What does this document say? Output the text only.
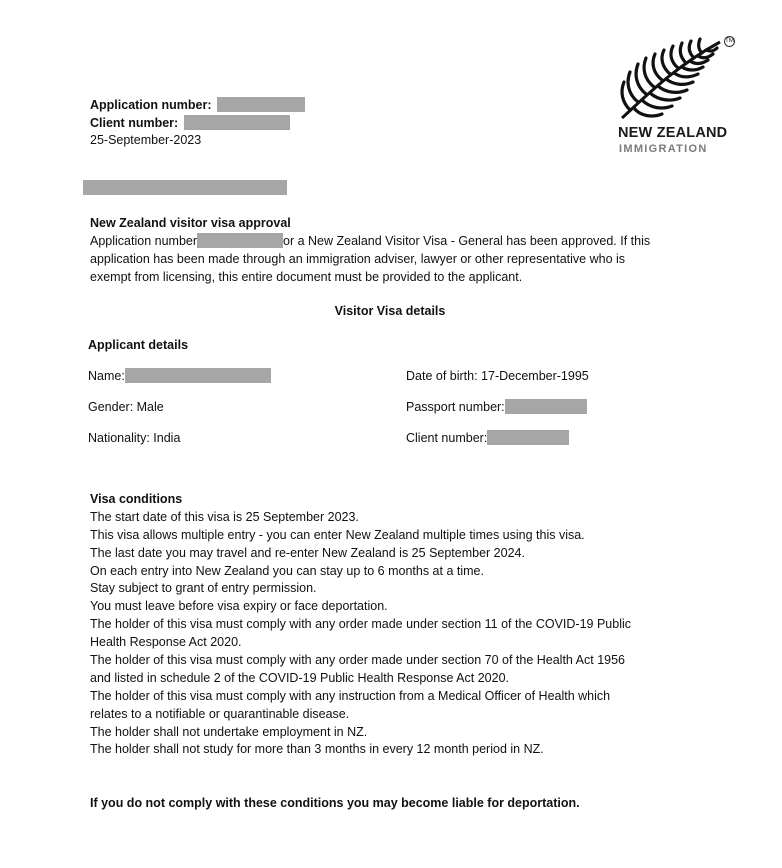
TM
NEW ZEALAND
IMMIGRATION
Application number:
Client number:
25-September-2023
New Zealand visitor visa approval
Application number	or a New Zealand Visitor Visa - General has been approved. If this
application has been made through an immigration adviser, lawyer or other representative who is
exempt from licensing, this entire document must be provided to the applicant.
Visitor Visa details
Applicant details
Name:	Date of birth: 17-December-1995
Gender: Male	Passport number:
Nationality: India	Client number:
Visa conditions
The start date of this visa is 25 September 2023.
This visa allows multiple entry - you can enter New Zealand multiple times using this visa.
The last date you may travel and re-enter New Zealand is 25 September 2024.
On each entry into New Zealand you can stay up to 6 months at a time.
Stay subject to grant of entry permission.
You must leave before visa expiry or face deportation.
The holder of this visa must comply with any order made under section 11 of the COVID-19 Public
Health Response Act 2020.
The holder of this visa must comply with any order made under section 70 of the Health Act 1956
and listed in schedule 2 of the COVID-19 Public Health Response Act 2020.
The holder of this visa must comply with any instruction from a Medical Officer of Health which
relates to a notifiable or quarantinable disease.
The holder shall not undertake employment in NZ.
The holder shall not study for more than 3 months in every 12 month period in NZ.
If you do not comply with these conditions you may become liable for deportation.
